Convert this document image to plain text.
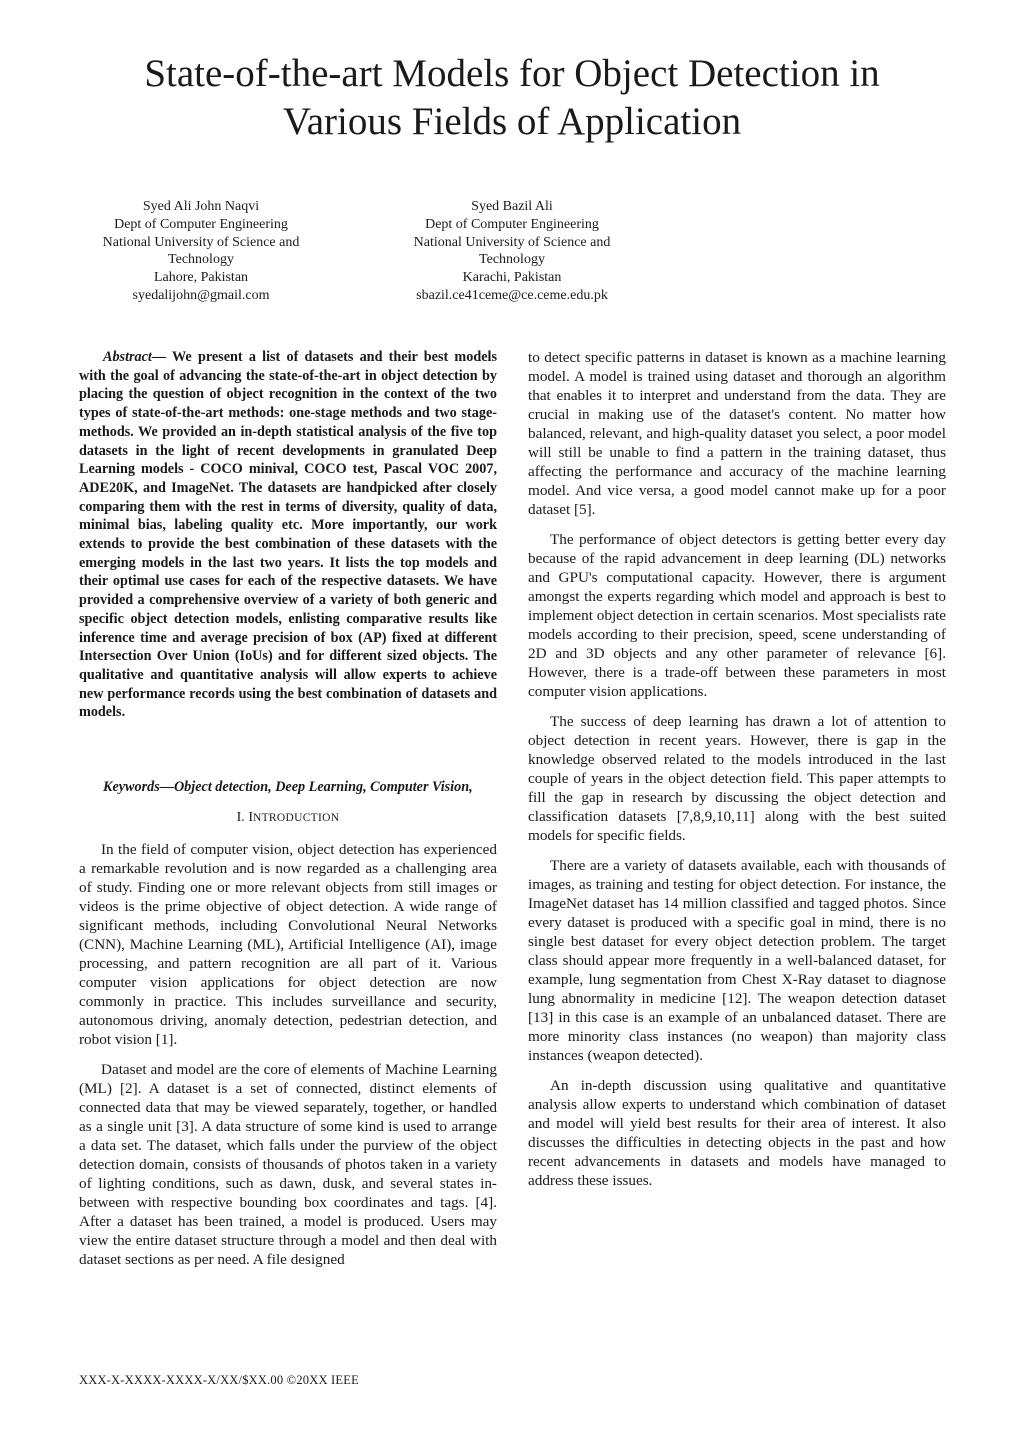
State-of-the-art Models for Object Detection in Various Fields of Application
Syed Ali John Naqvi
Dept of Computer Engineering
National University of Science and
Technology
Lahore, Pakistan
syedalijohn@gmail.com
Syed Bazil Ali
Dept of Computer Engineering
National University of Science and
Technology
Karachi, Pakistan
sbazil.ce41ceme@ce.ceme.edu.pk

Abstract— We present a list of datasets and their best models with the goal of advancing the state-of-the-art in object detection by placing the question of object recognition in the context of the two types of state-of-the-art methods: one-stage methods and two stage-methods. We provided an in-depth statistical analysis of the five top datasets in the light of recent developments in granulated Deep Learning models - COCO minival, COCO test, Pascal VOC 2007, ADE20K, and ImageNet. The datasets are handpicked after closely comparing them with the rest in terms of diversity, quality of data, minimal bias, labeling quality etc. More importantly, our work extends to provide the best combination of these datasets with the emerging models in the last two years. It lists the top models and their optimal use cases for each of the respective datasets. We have provided a comprehensive overview of a variety of both generic and specific object detection models, enlisting comparative results like inference time and average precision of box (AP) fixed at different Intersection Over Union (IoUs) and for different sized objects. The qualitative and quantitative analysis will allow experts to achieve new performance records using the best combination of datasets and models.

Keywords—Object detection, Deep Learning, Computer Vision,

I. INTRODUCTION

In the field of computer vision, object detection has experienced a remarkable revolution and is now regarded as a challenging area of study. Finding one or more relevant objects from still images or videos is the prime objective of object detection. A wide range of significant methods, including Convolutional Neural Networks (CNN), Machine Learning (ML), Artificial Intelligence (AI), image processing, and pattern recognition are all part of it. Various computer vision applications for object detection are now commonly in practice. This includes surveillance and security, autonomous driving, anomaly detection, pedestrian detection, and robot vision [1].

Dataset and model are the core of elements of Machine Learning (ML) [2]. A dataset is a set of connected, distinct elements of connected data that may be viewed separately, together, or handled as a single unit [3]. A data structure of some kind is used to arrange a data set. The dataset, which falls under the purview of the object detection domain, consists of thousands of photos taken in a variety of lighting conditions, such as dawn, dusk, and several states in-between with respective bounding box coordinates and tags. [4]. After a dataset has been trained, a model is produced. Users may view the entire dataset structure through a model and then deal with dataset sections as per need. A file designed

to detect specific patterns in dataset is known as a machine learning model. A model is trained using dataset and thorough an algorithm that enables it to interpret and understand from the data. They are crucial in making use of the dataset's content. No matter how balanced, relevant, and high-quality dataset you select, a poor model will still be unable to find a pattern in the training dataset, thus affecting the performance and accuracy of the machine learning model. And vice versa, a good model cannot make up for a poor dataset [5].

The performance of object detectors is getting better every day because of the rapid advancement in deep learning (DL) networks and GPU's computational capacity. However, there is argument amongst the experts regarding which model and approach is best to implement object detection in certain scenarios. Most specialists rate models according to their precision, speed, scene understanding of 2D and 3D objects and any other parameter of relevance [6]. However, there is a trade-off between these parameters in most computer vision applications.

The success of deep learning has drawn a lot of attention to object detection in recent years. However, there is gap in the knowledge observed related to the models introduced in the last couple of years in the object detection field. This paper attempts to fill the gap in research by discussing the object detection and classification datasets [7,8,9,10,11] along with the best suited models for specific fields.

There are a variety of datasets available, each with thousands of images, as training and testing for object detection. For instance, the ImageNet dataset has 14 million classified and tagged photos. Since every dataset is produced with a specific goal in mind, there is no single best dataset for every object detection problem. The target class should appear more frequently in a well-balanced dataset, for example, lung segmentation from Chest X-Ray dataset to diagnose lung abnormality in medicine [12]. The weapon detection dataset [13] in this case is an example of an unbalanced dataset. There are more minority class instances (no weapon) than majority class instances (weapon detected).

An in-depth discussion using qualitative and quantitative analysis allow experts to understand which combination of dataset and model will yield best results for their area of interest. It also discusses the difficulties in detecting objects in the past and how recent advancements in datasets and models have managed to address these issues.

XXX-X-XXXX-XXXX-X/XX/$XX.00 ©20XX IEEE
